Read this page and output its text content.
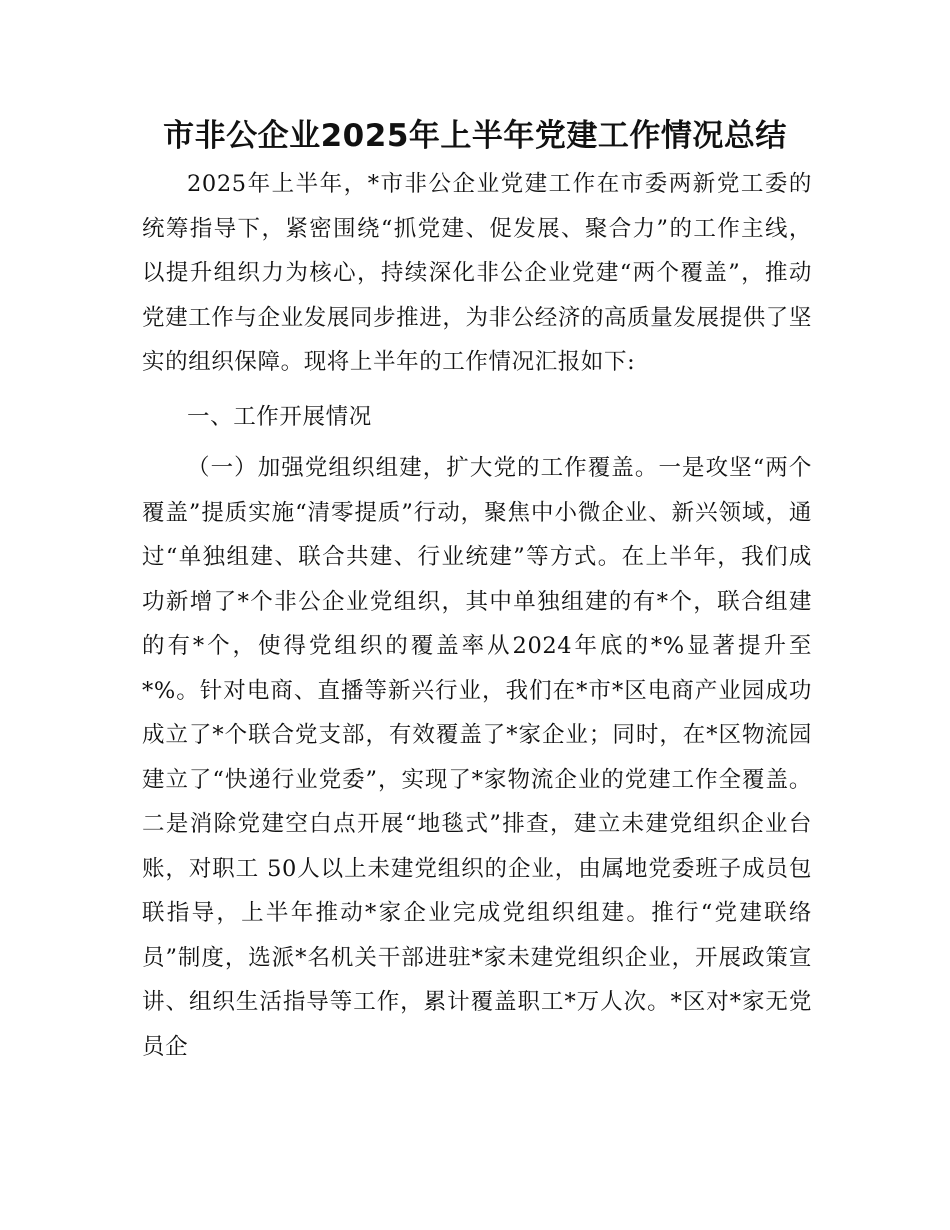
市非公企业2025年上半年党建工作情况总结

2025年上半年，*市非公企业党建工作在市委两新党工委的统筹指导下，紧密围绕“抓党建、促发展、聚合力”的工作主线，以提升组织力为核心，持续深化非公企业党建“两个覆盖”，推动党建工作与企业发展同步推进，为非公经济的高质量发展提供了坚实的组织保障。现将上半年的工作情况汇报如下:

一、工作开展情况

（一）加强党组织组建，扩大党的工作覆盖。一是攻坚“两个覆盖”提质实施“清零提质”行动，聚焦中小微企业、新兴领域，通过“单独组建、联合共建、行业统建”等方式。在上半年，我们成功新增了*个非公企业党组织，其中单独组建的有*个，联合组建的有*个，使得党组织的覆盖率从2024年底的*%显著提升至*%。针对电商、直播等新兴行业，我们在*市*区电商产业园成功成立了*个联合党支部，有效覆盖了*家企业；同时，在*区物流园建立了“快递行业党委”，实现了*家物流企业的党建工作全覆盖。二是消除党建空白点开展“地毯式”排查，建立未建党组织企业台账，对职工 50人以上未建党组织的企业，由属地党委班子成员包联指导，上半年推动*家企业完成党组织组建。推行“党建联络员”制度，选派*名机关干部进驻*家未建党组织企业，开展政策宣讲、组织生活指导等工作，累计覆盖职工*万人次。*区对*家无党员企
